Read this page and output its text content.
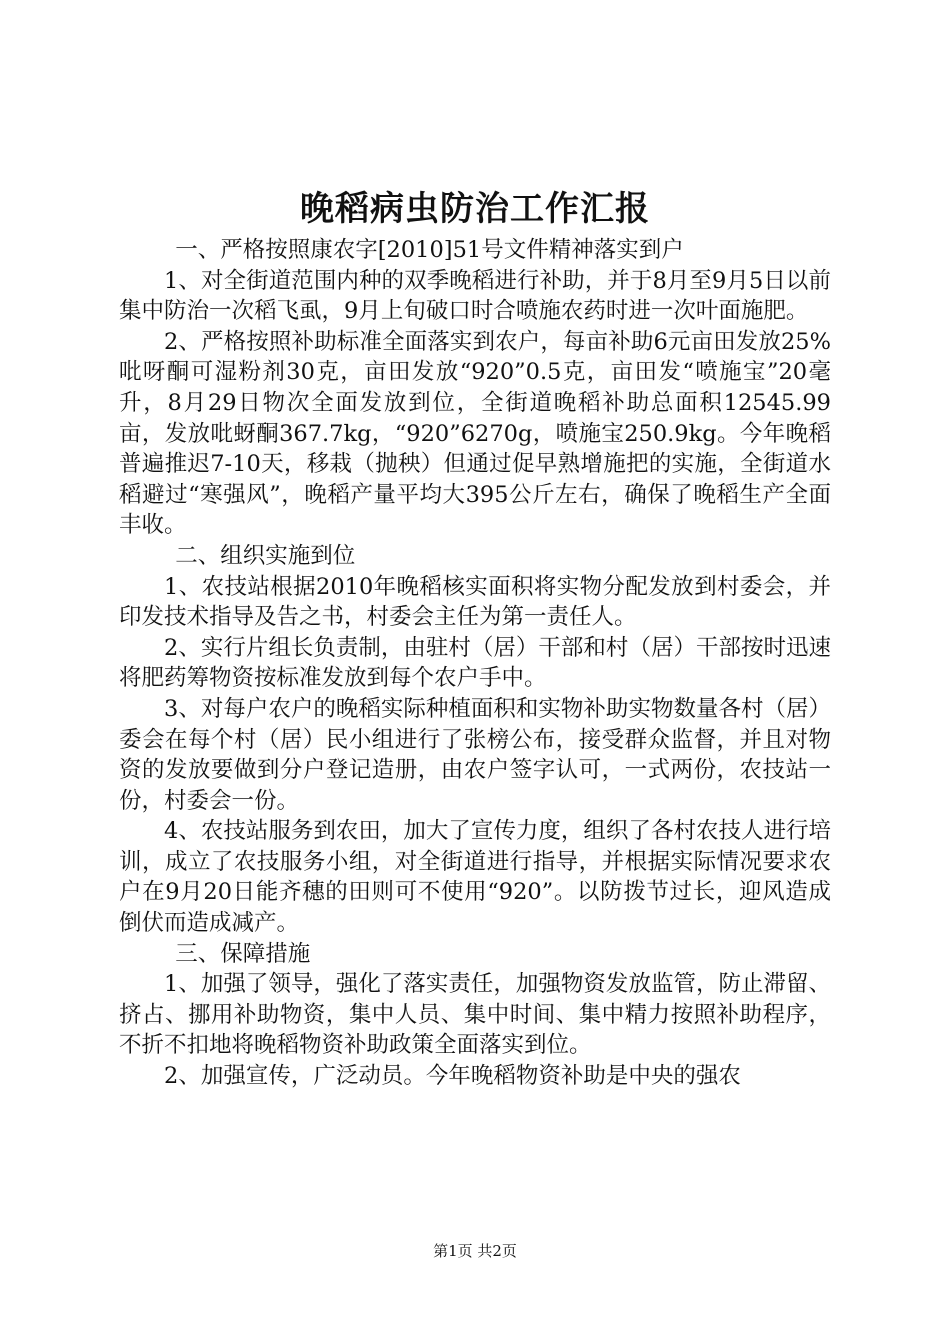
晚稻病虫防治工作汇报
一、严格按照康农字[2010]51号文件精神落实到户
1、对全街道范围内种的双季晚稻进行补助，并于8月至9月5日以前集中防治一次稻飞虱，9月上旬破口时合喷施农药时进一次叶面施肥。
2、严格按照补助标准全面落实到农户，每亩补助6元亩田发放25%吡呀酮可湿粉剂30克，亩田发放“920”0.5克，亩田发“喷施宝”20毫升，8月29日物次全面发放到位，全街道晚稻补助总面积12545.99亩，发放吡蚜酮367.7kg，“920”6270g，喷施宝250.9kg。今年晚稻普遍推迟7-10天，移栽（抛秧）但通过促早熟增施把的实施，全街道水稻避过“寒强风”，晚稻产量平均大395公斤左右，确保了晚稻生产全面丰收。
二、组织实施到位
1、农技站根据2010年晚稻核实面积将实物分配发放到村委会，并印发技术指导及告之书，村委会主任为第一责任人。
2、实行片组长负责制，由驻村（居）干部和村（居）干部按时迅速将肥药筹物资按标准发放到每个农户手中。
3、对每户农户的晚稻实际种植面积和实物补助实物数量各村（居）委会在每个村（居）民小组进行了张榜公布，接受群众监督，并且对物资的发放要做到分户登记造册，由农户签字认可，一式两份，农技站一份，村委会一份。
4、农技站服务到农田，加大了宣传力度，组织了各村农技人进行培训，成立了农技服务小组，对全街道进行指导，并根据实际情况要求农户在9月20日能齐穗的田则可不使用“920”。以防拨节过长，迎风造成倒伏而造成减产。
三、保障措施
1、加强了领导，强化了落实责任，加强物资发放监管，防止滞留、挤占、挪用补助物资，集中人员、集中时间、集中精力按照补助程序，不折不扣地将晚稻物资补助政策全面落实到位。
2、加强宣传，广泛动员。今年晚稻物资补助是中央的强农
第1页 共2页
